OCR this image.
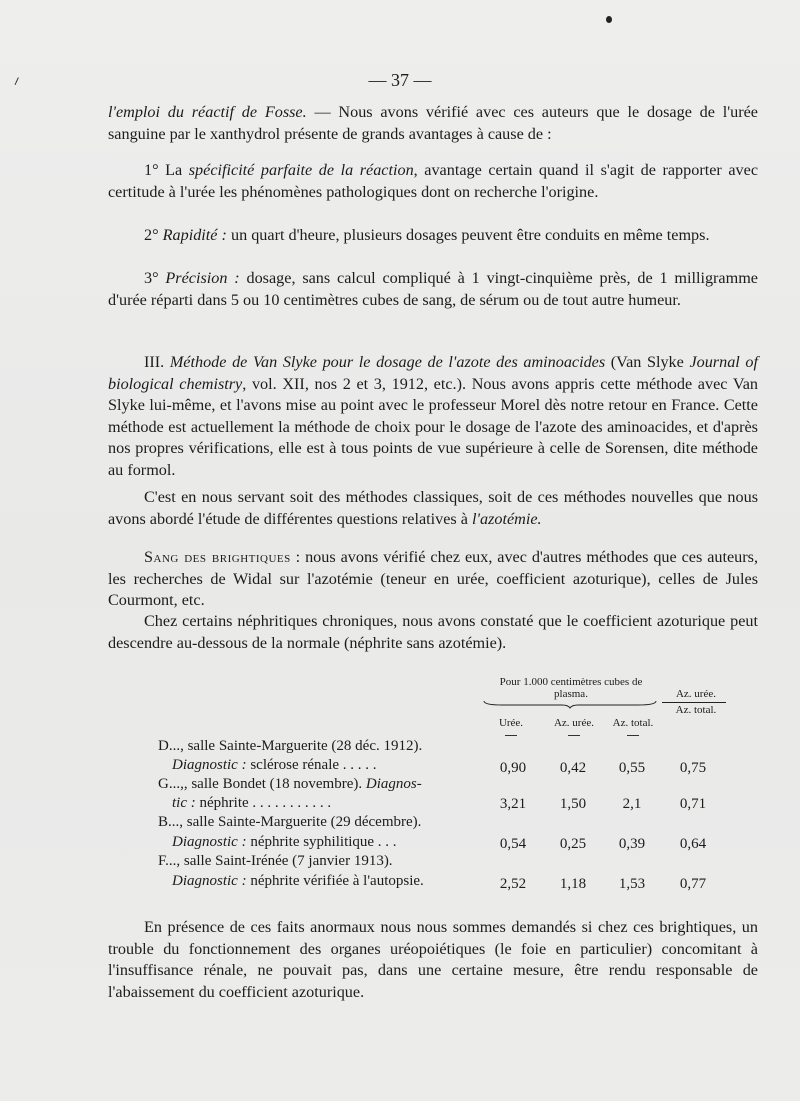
— 37 —

l'emploi du réactif de Fosse. — Nous avons vérifié avec ces auteurs que le dosage de l'urée sanguine par le xanthydrol présente de grands avantages à cause de :

1° La spécificité parfaite de la réaction, avantage certain quand il s'agit de rapporter avec certitude à l'urée les phénomènes pathologiques dont on recherche l'origine.

2° Rapidité : un quart d'heure, plusieurs dosages peuvent être conduits en même temps.

3° Précision : dosage, sans calcul compliqué à 1 vingt-cinquième près, de 1 milligramme d'urée réparti dans 5 ou 10 centimètres cubes de sang, de sérum ou de tout autre humeur.

III. Méthode de Van Slyke pour le dosage de l'azote des aminoacides (Van Slyke Journal of biological chemistry, vol. XII, nos 2 et 3, 1912, etc.). Nous avons appris cette méthode avec Van Slyke lui-même, et l'avons mise au point avec le professeur Morel dès notre retour en France. Cette méthode est actuellement la méthode de choix pour le dosage de l'azote des aminoacides, et d'après nos propres vérifications, elle est à tous points de vue supérieure à celle de Sorensen, dite méthode au formol.

C'est en nous servant soit des méthodes classiques, soit de ces méthodes nouvelles que nous avons abordé l'étude de différentes questions relatives à l'azotémie.

Sang des brightiques : nous avons vérifié chez eux, avec d'autres méthodes que ces auteurs, les recherches de Widal sur l'azotémie (teneur en urée, coefficient azoturique), celles de Jules Courmont, etc.

Chez certains néphritiques chroniques, nous avons constaté que le coefficient azoturique peut descendre au-dessous de la normale (néphrite sans azotémie).

Pour 1.000 centimètres cubes de plasma.	Az. urée.
Az. total.
Urée.	Az. urée.	Az. total.
D..., salle Sainte-Marguerite (28 déc. 1912).
Diagnostic : sclérose rénale . . . . .	0,90	0,42	0,55	0,75
G...,, salle Bondet (18 novembre). Diagnos-
tic : néphrite . . . . . . . . . . .	3,21	1,50	2,1	0,71
B..., salle Sainte-Marguerite (29 décembre).
Diagnostic : néphrite syphilitique . . .	0,54	0,25	0,39	0,64
F..., salle Saint-Irénée (7 janvier 1913).
Diagnostic : néphrite vérifiée à l'autopsie.	2,52	1,18	1,53	0,77

En présence de ces faits anormaux nous nous sommes demandés si chez ces brightiques, un trouble du fonctionnement des organes uréopoiétiques (le foie en particulier) concomitant à l'insuffisance rénale, ne pouvait pas, dans une certaine mesure, être rendu responsable de l'abaissement du coefficient azoturique.
